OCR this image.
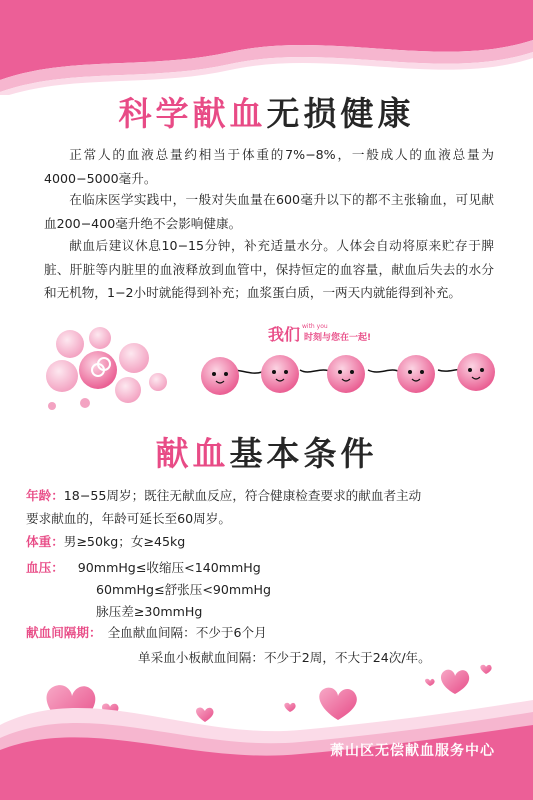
科学献血无损健康

正常人的血液总量约相当于体重的7%−8%，一般成人的血液总量为4000−5000毫升。

在临床医学实践中，一般对失血量在600毫升以下的都不主张输血，可见献血200−400毫升绝不会影响健康。

献血后建议休息10−15分钟，补充适量水分。人体会自动将原来贮存于脾脏、肝脏等内脏里的血液释放到血管中，保持恒定的血容量，献血后失去的水分和无机物，1−2小时就能得到补充；血浆蛋白质，一两天内就能得到补充。

我们 with you
时刻与您在一起!
献血基本条件
年龄：18−55周岁；既往无献血反应，符合健康检查要求的献血者主动
要求献血的，年龄可延长至60周岁。
体重：男≥50kg；女≥45kg
血压： 90mmHg≤收缩压<140mmHg
60mmHg≤舒张压<90mmHg
脉压差≥30mmHg
献血间隔期： 全血献血间隔：不少于6个月
单采血小板献血间隔：不少于2周，不大于24次/年。
萧山区无偿献血服务中心
